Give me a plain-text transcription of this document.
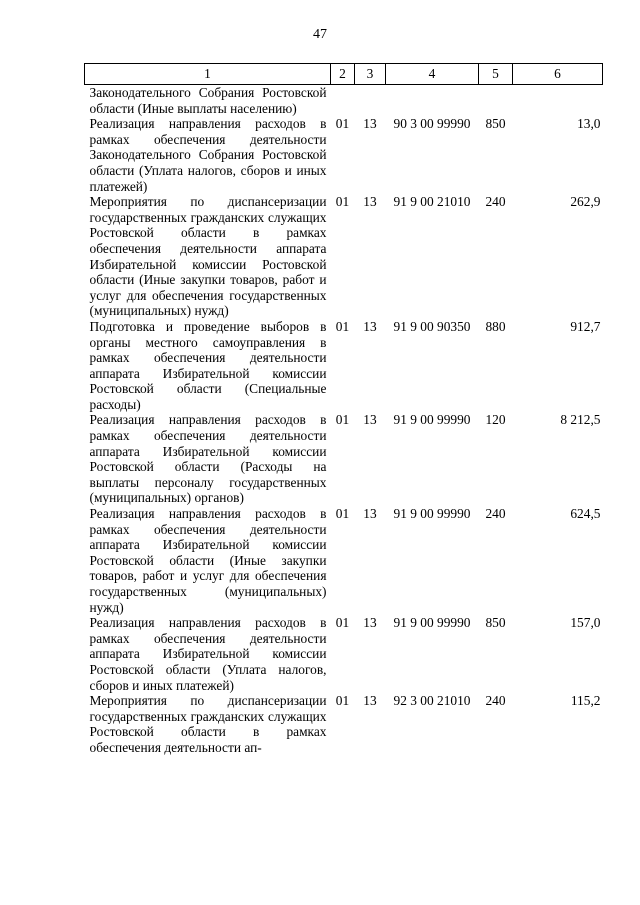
47
1	2	3	4	5	6
Законодательного Собрания Ростовской области (Иные выплаты населению)					
Реализация направления расходов в рамках обеспечения деятельности Законодательного Собрания Ростовской области (Уплата налогов, сборов и иных платежей)	01	13	90 3 00 99990	850	13,0
Мероприятия по диспансеризации государственных гражданских служащих Ростовской области в рамках обеспечения деятельности аппарата Избирательной комиссии Ростовской области (Иные закупки товаров, работ и услуг для обеспечения государственных (муниципальных) нужд)	01	13	91 9 00 21010	240	262,9
Подготовка и проведение выборов в органы местного самоуправления в рамках обеспечения деятельности аппарата Избирательной комиссии Ростовской области (Специальные расходы)	01	13	91 9 00 90350	880	912,7
Реализация направления расходов в рамках обеспечения деятельности аппарата Избирательной комиссии Ростовской области (Расходы на выплаты персоналу государственных (муниципальных) органов)	01	13	91 9 00 99990	120	8 212,5
Реализация направления расходов в рамках обеспечения деятельности аппарата Избирательной комиссии Ростовской области (Иные закупки товаров, работ и услуг для обеспечения государственных (муниципальных) нужд)	01	13	91 9 00 99990	240	624,5
Реализация направления расходов в рамках обеспечения деятельности аппарата Избирательной комиссии Ростовской области (Уплата налогов, сборов и иных платежей)	01	13	91 9 00 99990	850	157,0
Мероприятия по диспансеризации государственных гражданских служащих Ростовской области в рамках обеспечения деятельности ап-	01	13	92 3 00 21010	240	115,2
